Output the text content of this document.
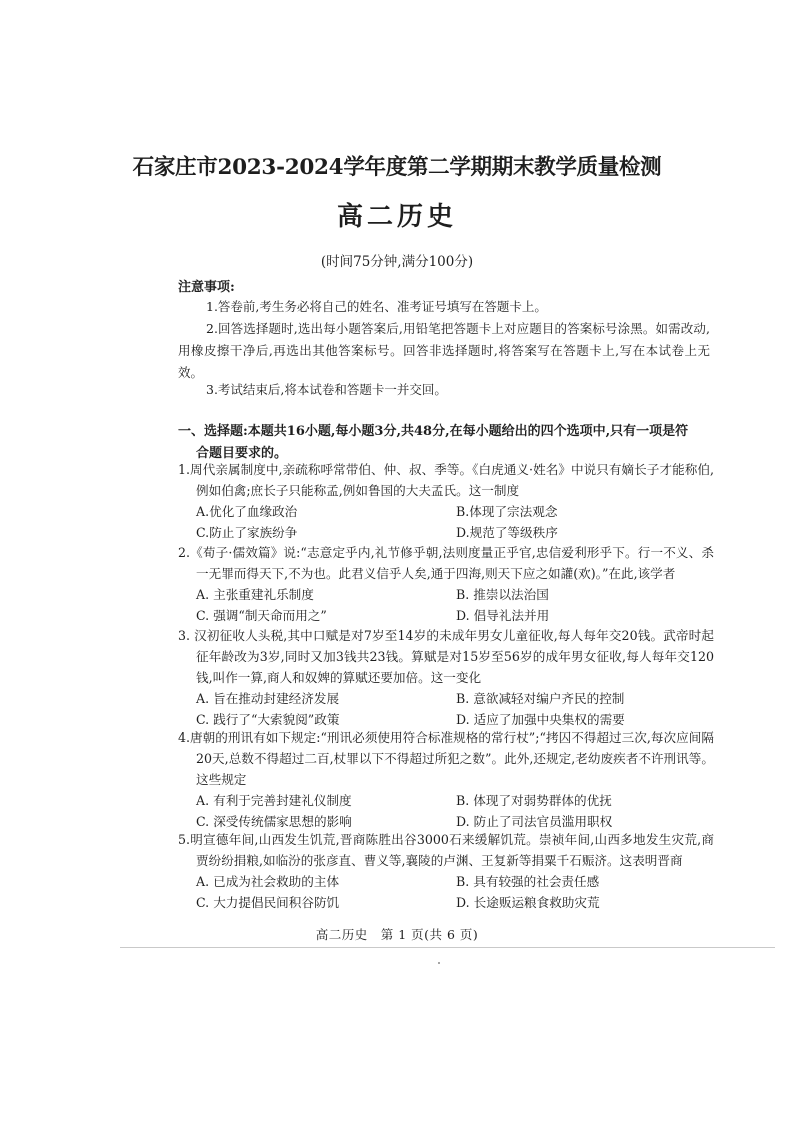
石家庄市2023-2024学年度第二学期期末教学质量检测
高二历史
(时间75分钟,满分100分)
注意事项:
1.答卷前,考生务必将自己的姓名、准考证号填写在答题卡上。
2.回答选择题时,选出每小题答案后,用铅笔把答题卡上对应题目的答案标号涂黑。如需改动,用橡皮擦干净后,再选出其他答案标号。回答非选择题时,将答案写在答题卡上,写在本试卷上无效。
3.考试结束后,将本试卷和答题卡一并交回。
一、选择题:本题共16小题,每小题3分,共48分,在每小题给出的四个选项中,只有一项是符
合题目要求的。
1.周代亲属制度中,亲疏称呼常带伯、仲、叔、季等。《白虎通义·姓名》中说只有嫡长子才能称伯,例如伯禽;庶长子只能称孟,例如鲁国的大夫孟氏。这一制度
A.优化了血缘政治	B.体现了宗法观念
C.防止了家族纷争	D.规范了等级秩序
2.《荀子·儒效篇》说:“志意定乎内,礼节修乎朝,法则度量正乎官,忠信爱利形乎下。行一不义、杀一无罪而得天下,不为也。此君义信乎人矣,通于四海,则天下应之如讙(欢)。”在此,该学者
A. 主张重建礼乐制度	B. 推崇以法治国
C. 强调“制天命而用之”	D. 倡导礼法并用
3. 汉初征收人头税,其中口赋是对7岁至14岁的未成年男女儿童征收,每人每年交20钱。武帝时起征年龄改为3岁,同时又加3钱共23钱。算赋是对15岁至56岁的成年男女征收,每人每年交120钱,叫作一算,商人和奴婢的算赋还要加倍。这一变化
A. 旨在推动封建经济发展	B. 意欲减轻对编户齐民的控制
C. 践行了“大索貌阅”政策	D. 适应了加强中央集权的需要
4.唐朝的刑讯有如下规定:“刑讯必须使用符合标准规格的常行杖”;“拷囚不得超过三次,每次应间隔20天,总数不得超过二百,杖罪以下不得超过所犯之数”。此外,还规定,老幼废疾者不许刑讯等。这些规定
A. 有利于完善封建礼仪制度	B. 体现了对弱势群体的优抚
C. 深受传统儒家思想的影响	D. 防止了司法官员滥用职权
5.明宣德年间,山西发生饥荒,晋商陈胜出谷3000石来缓解饥荒。崇祯年间,山西多地发生灾荒,商贾纷纷捐粮,如临汾的张彦直、曹义等,襄陵的卢渊、王复新等捐粟千石赈济。这表明晋商
A. 已成为社会救助的主体	B. 具有较强的社会责任感
C. 大力提倡民间积谷防饥	D. 长途贩运粮食救助灾荒
高二历史　第 1 页(共 6 页)
